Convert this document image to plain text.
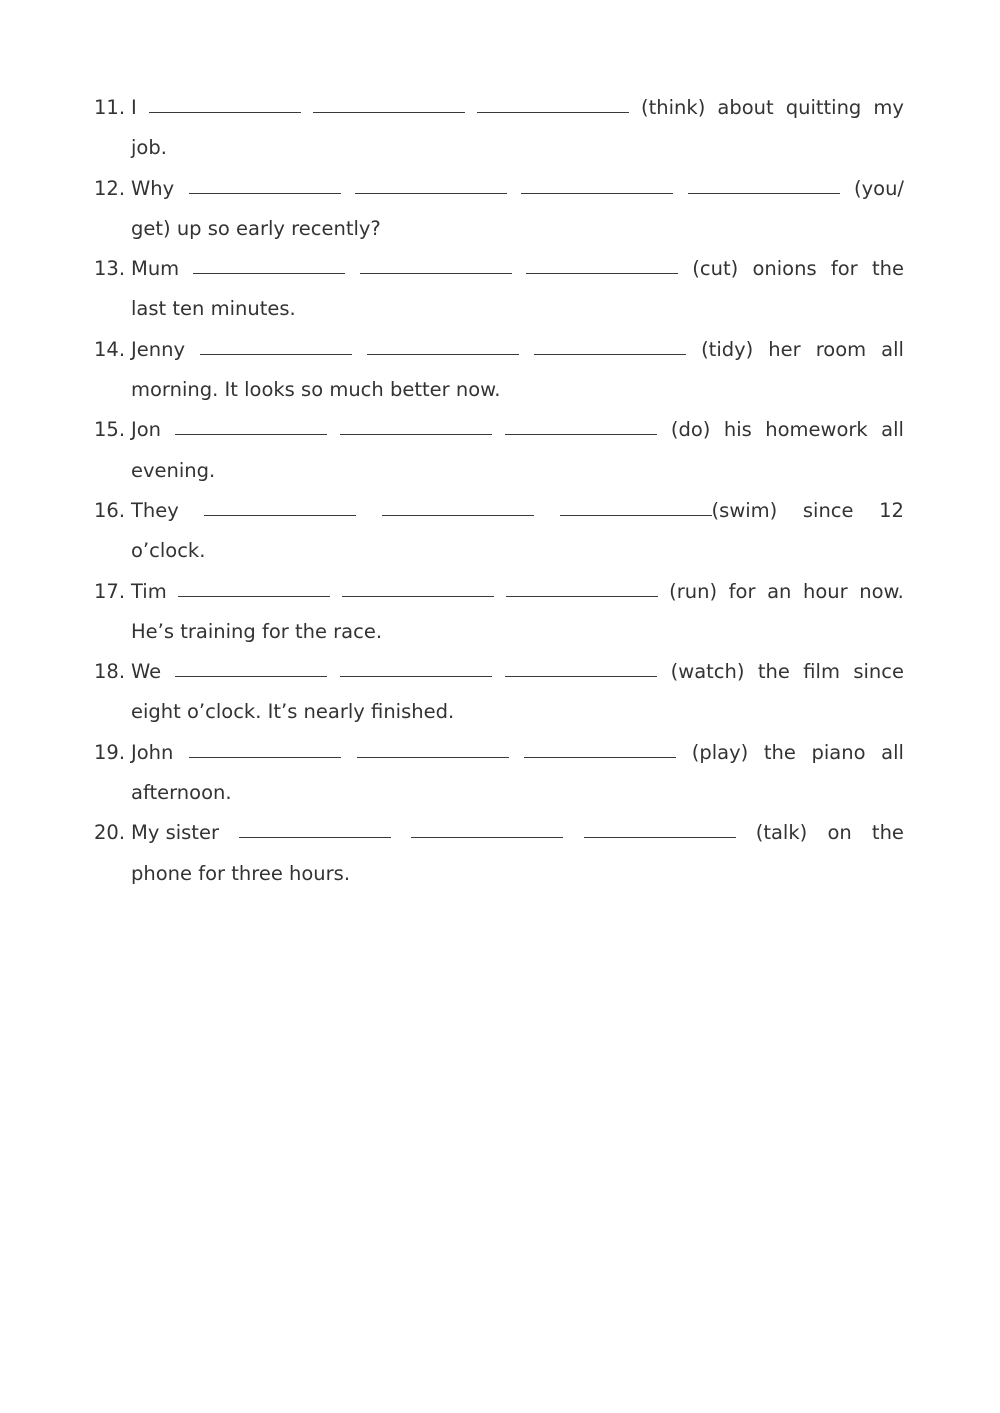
11. I	(think) about quitting my
job.
12. Why	(you/
get) up so early recently?
13. Mum	(cut) onions for the
last ten minutes.
14. Jenny	(tidy) her room all
morning. It looks so much better now.
15. Jon	(do) his homework all
evening.
16. They	(swim) since 12
o’clock.
17. Tim	(run) for an hour now.
He’s training for the race.
18. We	(watch) the film since
eight o’clock. It’s nearly finished.
19. John	(play) the piano all
afternoon.
20. My sister	(talk) on the
phone for three hours.
